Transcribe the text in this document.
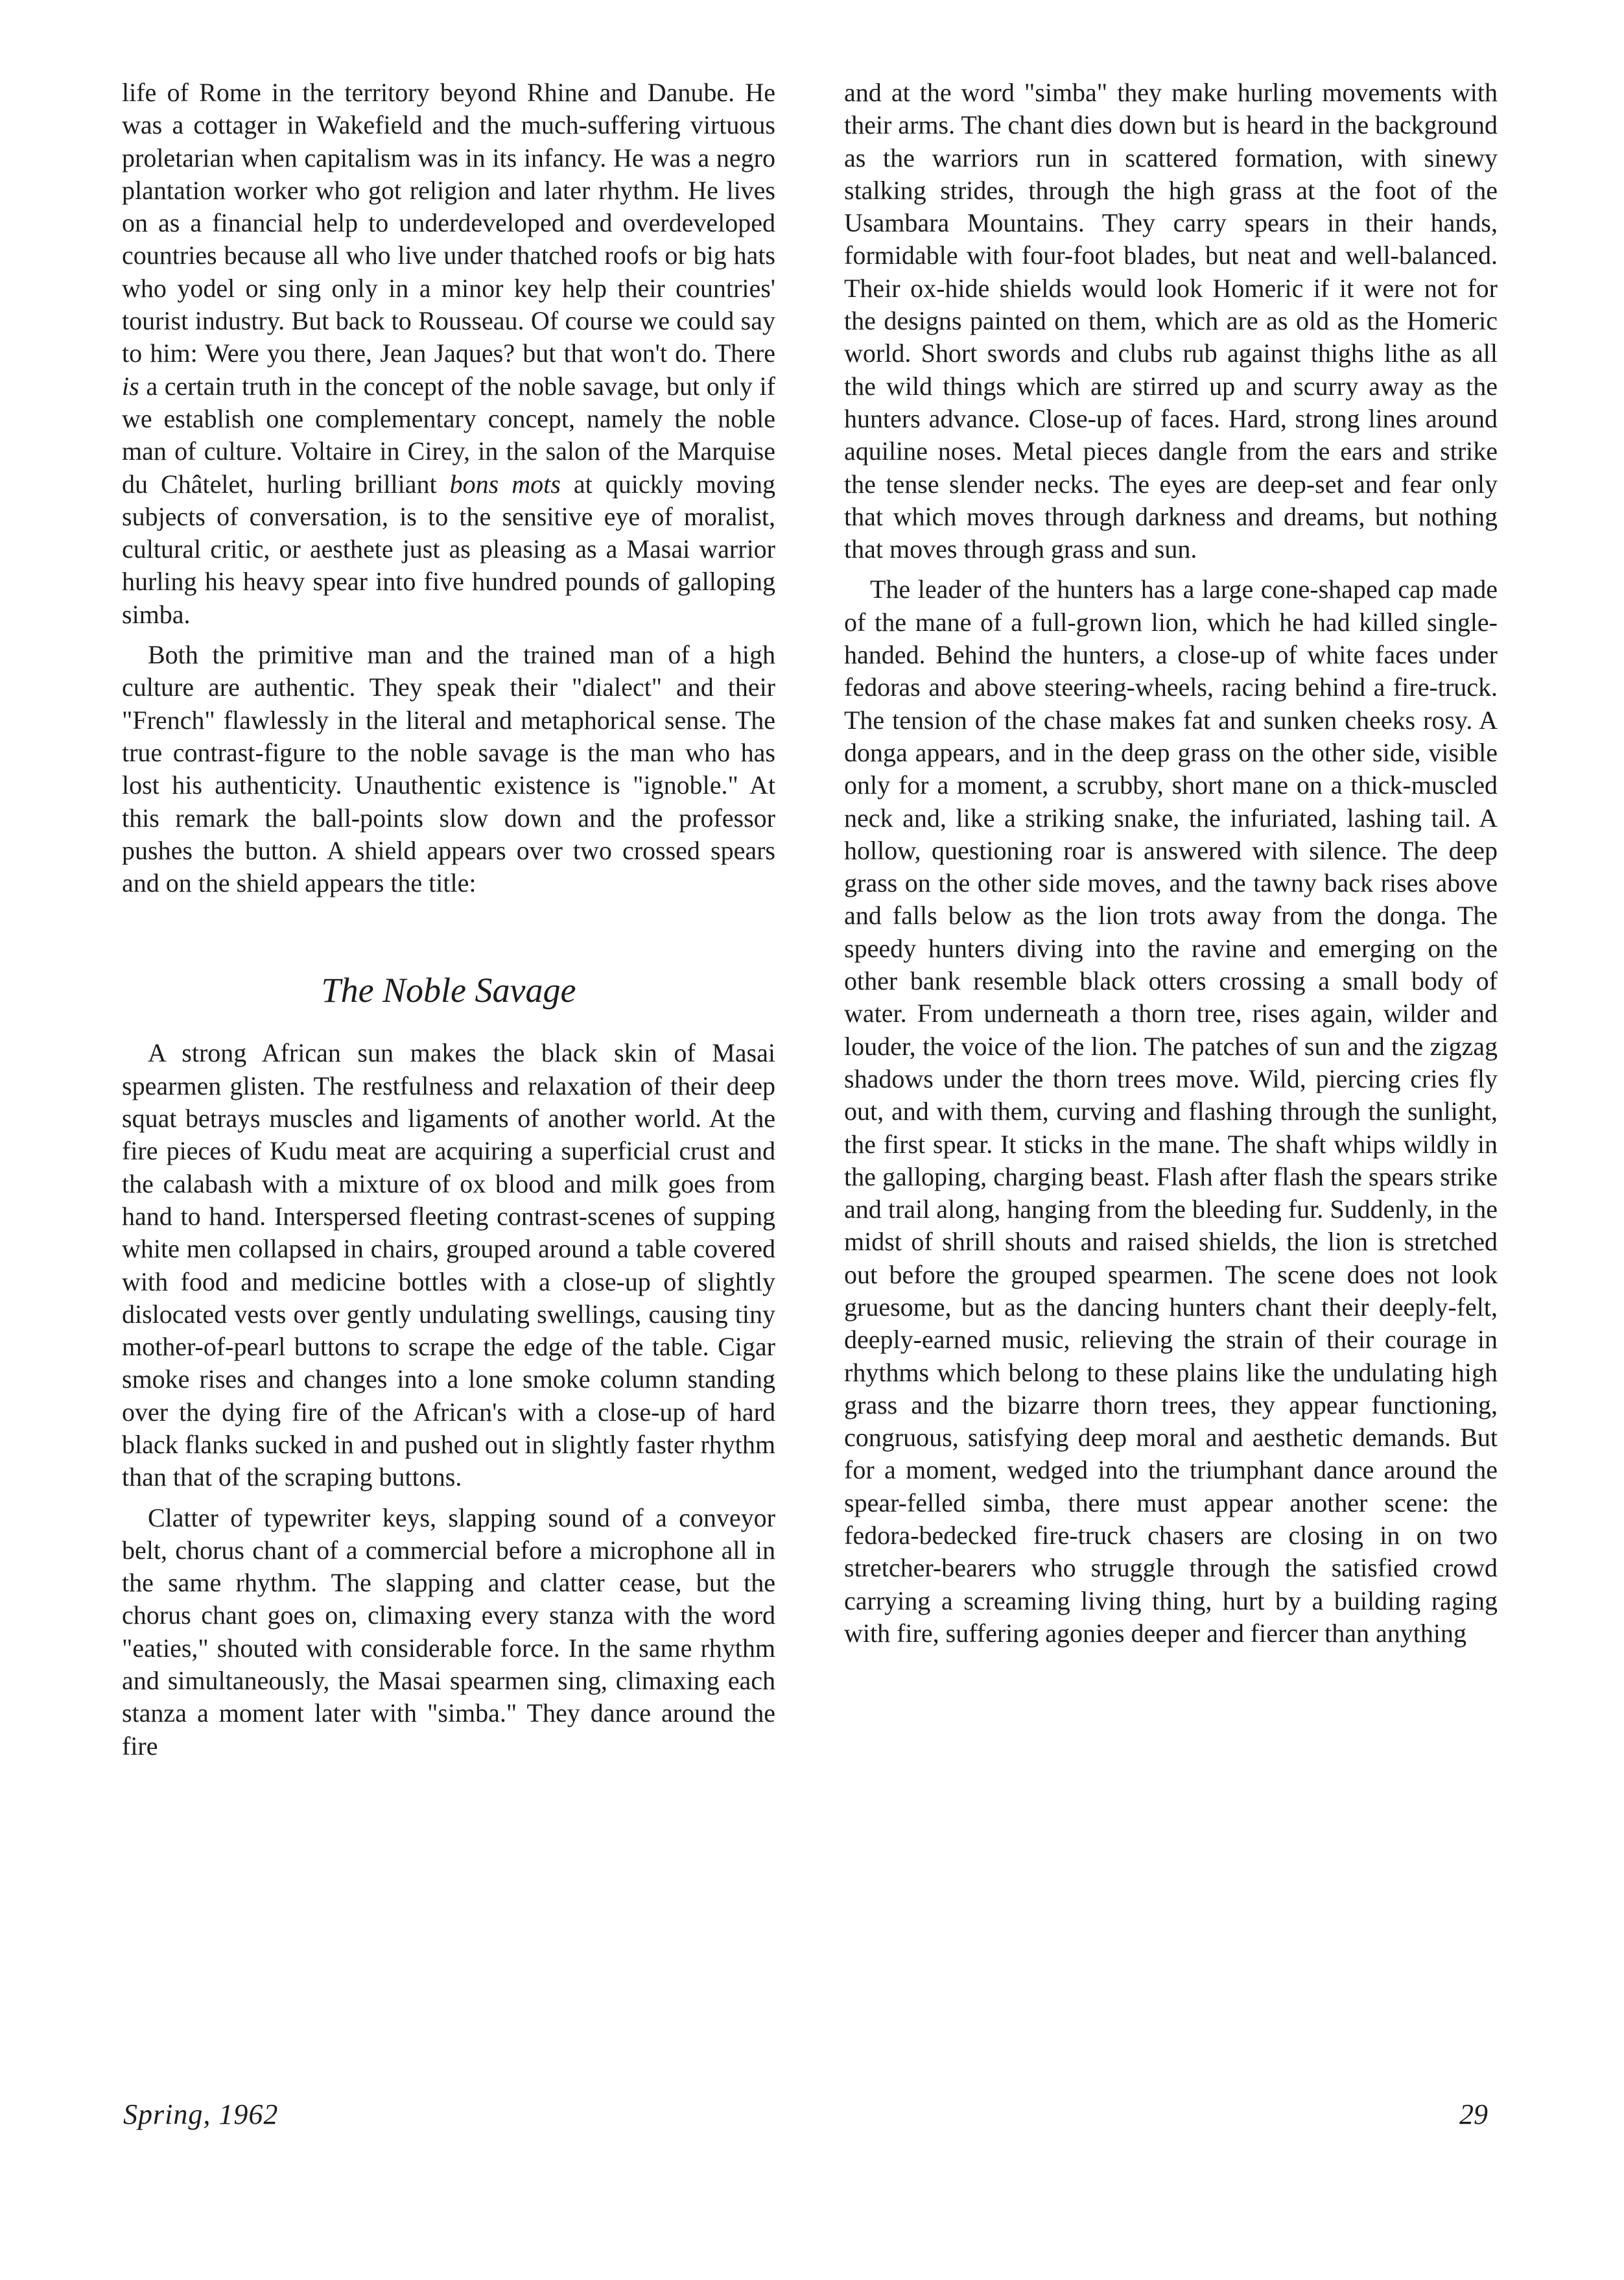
life of Rome in the territory beyond Rhine and Danube. He was a cottager in Wakefield and the much-suffering virtuous proletarian when capitalism was in its infancy. He was a negro plantation worker who got religion and later rhythm. He lives on as a financial help to underdeveloped and overdeveloped countries because all who live under thatched roofs or big hats who yodel or sing only in a minor key help their countries' tourist industry. But back to Rousseau. Of course we could say to him: Were you there, Jean Jaques? but that won't do. There is a certain truth in the concept of the noble savage, but only if we establish one complementary concept, namely the noble man of culture. Voltaire in Cirey, in the salon of the Marquise du Châtelet, hurling brilliant bons mots at quickly moving subjects of conversation, is to the sensitive eye of moralist, cultural critic, or aesthete just as pleasing as a Masai warrior hurling his heavy spear into five hundred pounds of galloping simba.

Both the primitive man and the trained man of a high culture are authentic. They speak their "dialect" and their "French" flawlessly in the literal and metaphorical sense. The true contrast-figure to the noble savage is the man who has lost his authenticity. Unauthentic existence is "ignoble." At this remark the ball-points slow down and the professor pushes the button. A shield appears over two crossed spears and on the shield appears the title:

The Noble Savage

A strong African sun makes the black skin of Masai spearmen glisten. The restfulness and relaxation of their deep squat betrays muscles and ligaments of another world. At the fire pieces of Kudu meat are acquiring a superficial crust and the calabash with a mixture of ox blood and milk goes from hand to hand. Interspersed fleeting contrast-scenes of supping white men collapsed in chairs, grouped around a table covered with food and medicine bottles with a close-up of slightly dislocated vests over gently undulating swellings, causing tiny mother-of-pearl buttons to scrape the edge of the table. Cigar smoke rises and changes into a lone smoke column standing over the dying fire of the African's with a close-up of hard black flanks sucked in and pushed out in slightly faster rhythm than that of the scraping buttons.

Clatter of typewriter keys, slapping sound of a conveyor belt, chorus chant of a commercial before a microphone all in the same rhythm. The slapping and clatter cease, but the chorus chant goes on, climaxing every stanza with the word "eaties," shouted with considerable force. In the same rhythm and simultaneously, the Masai spearmen sing, climaxing each stanza a moment later with "simba." They dance around the fire

and at the word "simba" they make hurling movements with their arms. The chant dies down but is heard in the background as the warriors run in scattered formation, with sinewy stalking strides, through the high grass at the foot of the Usambara Mountains. They carry spears in their hands, formidable with four-foot blades, but neat and well-balanced. Their ox-hide shields would look Homeric if it were not for the designs painted on them, which are as old as the Homeric world. Short swords and clubs rub against thighs lithe as all the wild things which are stirred up and scurry away as the hunters advance. Close-up of faces. Hard, strong lines around aquiline noses. Metal pieces dangle from the ears and strike the tense slender necks. The eyes are deep-set and fear only that which moves through darkness and dreams, but nothing that moves through grass and sun.

The leader of the hunters has a large cone-shaped cap made of the mane of a full-grown lion, which he had killed single-handed. Behind the hunters, a close-up of white faces under fedoras and above steering-wheels, racing behind a fire-truck. The tension of the chase makes fat and sunken cheeks rosy. A donga appears, and in the deep grass on the other side, visible only for a moment, a scrubby, short mane on a thick-muscled neck and, like a striking snake, the infuriated, lashing tail. A hollow, questioning roar is answered with silence. The deep grass on the other side moves, and the tawny back rises above and falls below as the lion trots away from the donga. The speedy hunters diving into the ravine and emerging on the other bank resemble black otters crossing a small body of water. From underneath a thorn tree, rises again, wilder and louder, the voice of the lion. The patches of sun and the zigzag shadows under the thorn trees move. Wild, piercing cries fly out, and with them, curving and flashing through the sunlight, the first spear. It sticks in the mane. The shaft whips wildly in the galloping, charging beast. Flash after flash the spears strike and trail along, hanging from the bleeding fur. Suddenly, in the midst of shrill shouts and raised shields, the lion is stretched out before the grouped spearmen. The scene does not look gruesome, but as the dancing hunters chant their deeply-felt, deeply-earned music, relieving the strain of their courage in rhythms which belong to these plains like the undulating high grass and the bizarre thorn trees, they appear functioning, congruous, satisfying deep moral and aesthetic demands. But for a moment, wedged into the triumphant dance around the spear-felled simba, there must appear another scene: the fedora-bedecked fire-truck chasers are closing in on two stretcher-bearers who struggle through the satisfied crowd carrying a screaming living thing, hurt by a building raging with fire, suffering agonies deeper and fiercer than anything

Spring, 1962	29
